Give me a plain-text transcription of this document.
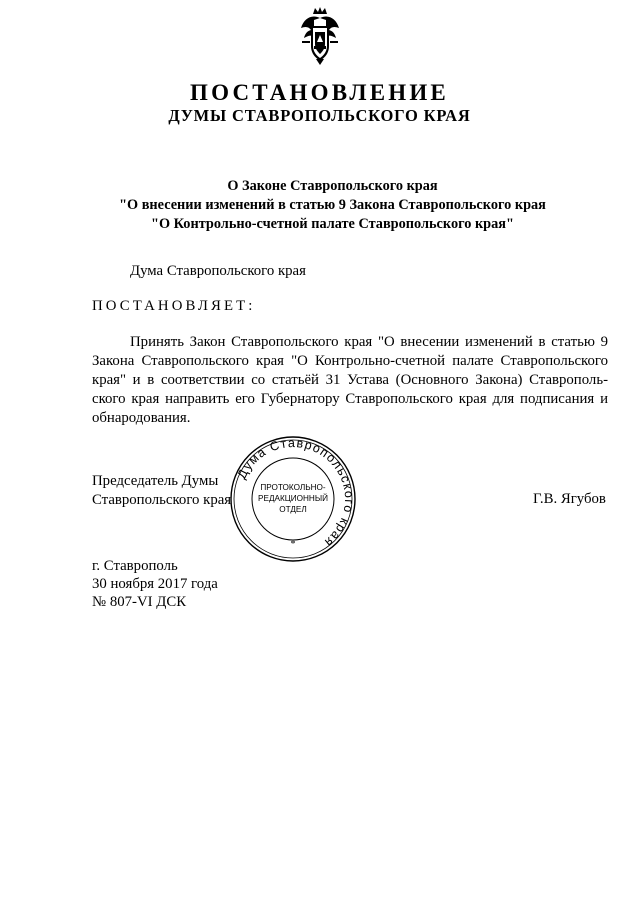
ПОСТАНОВЛЕНИЕ
ДУМЫ СТАВРОПОЛЬСКОГО КРАЯ
О Законе Ставропольского края
"О внесении изменений в статью 9 Закона Ставропольского края
"О Контрольно-счетной палате Ставропольского края"
Дума Ставропольского края
ПОСТАНОВЛЯЕТ:
Принять Закон Ставропольского края "О внесении изменений в статью 9 Закона Ставропольского края "О Контрольно-счетной палате Ставропольского края" и в соответствии со статьёй 31 Устава (Основного Закона) Ставрополь-ского края направить его Губернатору Ставропольского края для подписания и обнародования.
Председатель Думы
Ставропольского края	Г.В. Ягубов
Дума Ставропольского края
*
ПРОТОКОЛЬНО-
РЕДАКЦИОННЫЙ
ОТДЕЛ
г. Ставрополь
30 ноября 2017 года
№ 807-VI ДСК
